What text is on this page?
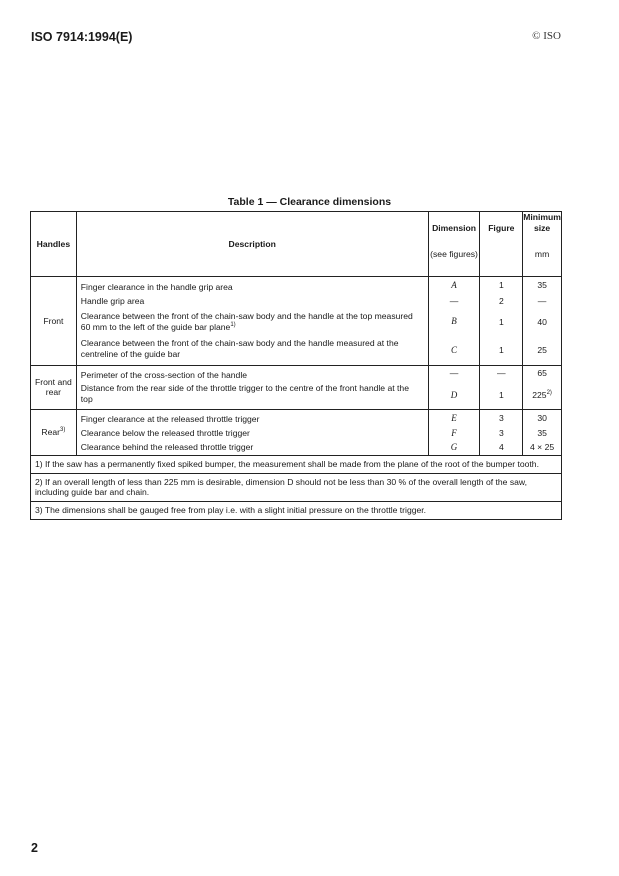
ISO 7914:1994(E)	© ISO
Table 1 — Clearance dimensions
Handles	Description	Dimension	Figure	Minimum size
		(see figures)		mm
Front	Finger clearance in the handle grip area	A	1	35
	Handle grip area	—	2	—
	Clearance between the front of the chain-saw body and the handle at the top measured 60 mm to the left of the guide bar plane$^{1)}$	B	1	40
	Clearance between the front of the chain-saw body and the handle measured at the centreline of the guide bar	C	1	25
Front and rear	Perimeter of the cross-section of the handle	—	—	65
	Distance from the rear side of the throttle trigger to the centre of the front handle at the top	D	1	225$^{2)}$
Rear$^{3)}$	Finger clearance at the released throttle trigger	E	3	30
	Clearance below the released throttle trigger	F	3	35
	Clearance behind the released throttle trigger	G	4	4 × 25
1) If the saw has a permanently fixed spiked bumper, the measurement shall be made from the plane of the root of the bumper tooth.				
2) If an overall length of less than 225 mm is desirable, dimension D should not be less than 30 % of the overall length of the saw, including guide bar and chain.				
3) The dimensions shall be gauged free from play i.e. with a slight initial pressure on the throttle trigger.				
2
